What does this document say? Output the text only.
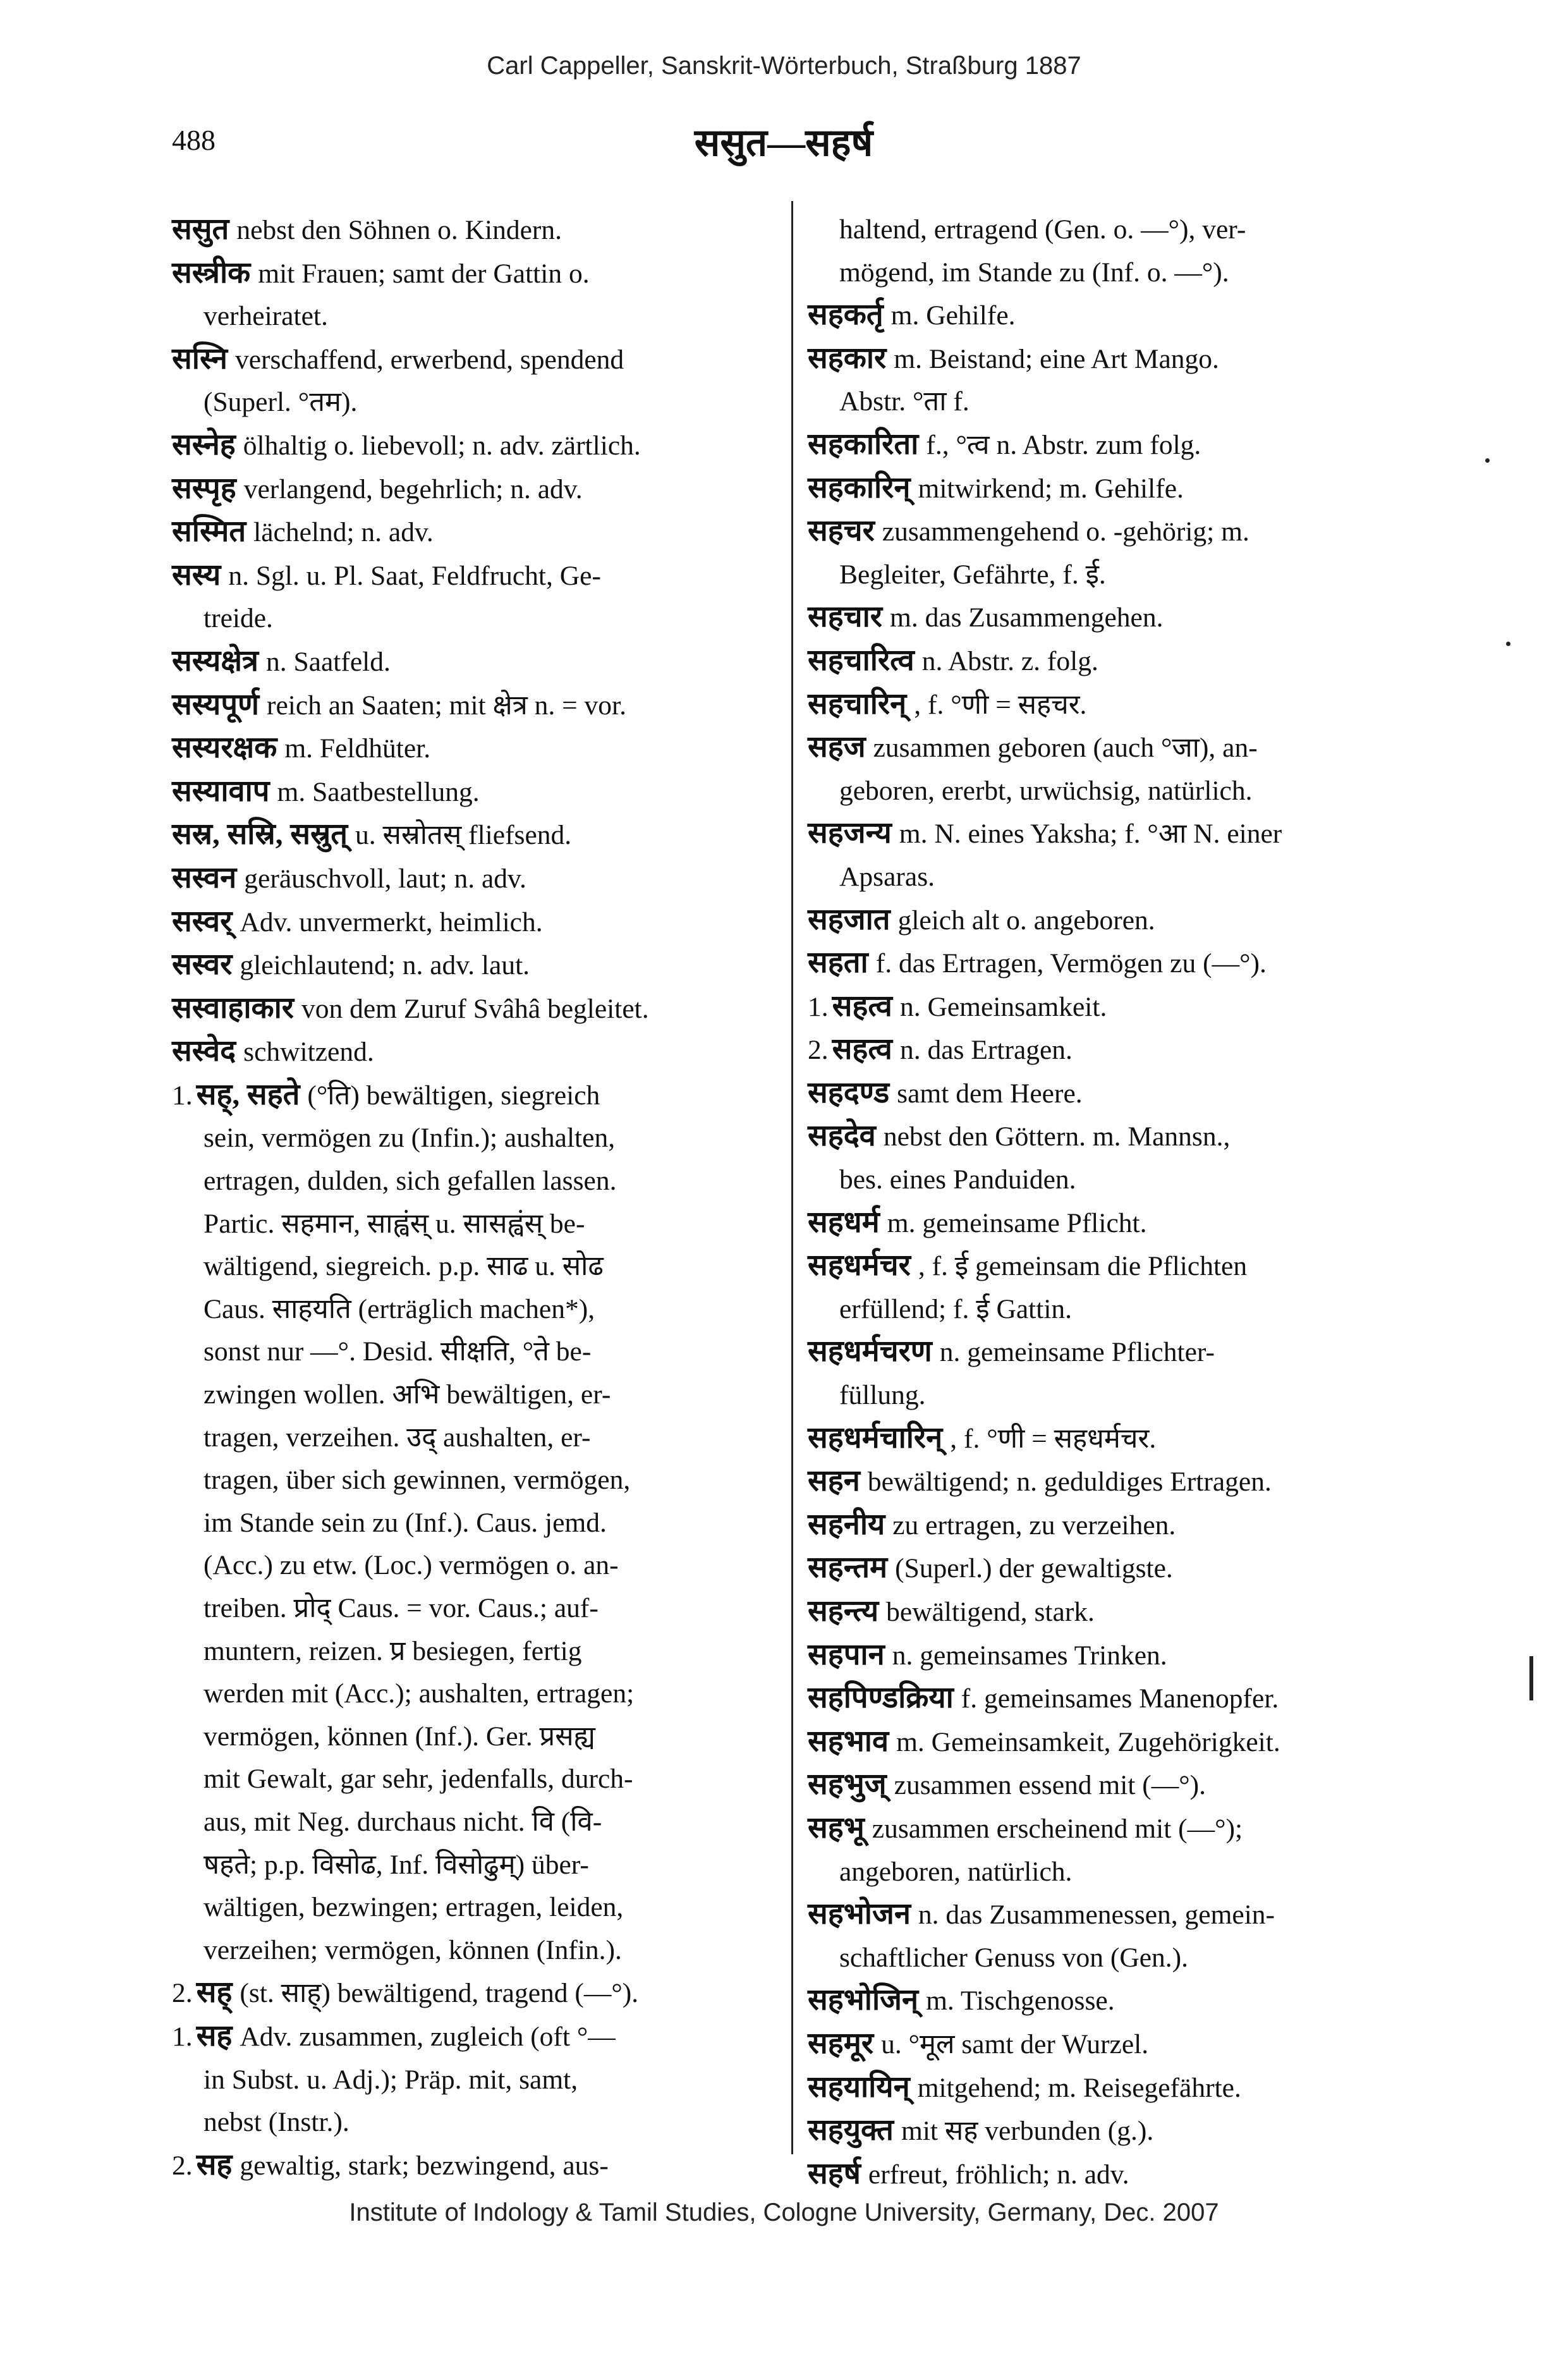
Carl Cappeller, Sanskrit-Wörterbuch, Straßburg 1887
488	ससुत—सहर्ष
ससुत nebst den Söhnen o. Kindern.
सस्त्रीक mit Frauen; samt der Gattin o.
verheiratet.
सस्नि verschaffend, erwerbend, spendend
(Superl. °तम).
सस्नेह ölhaltig o. liebevoll; n. adv. zärtlich.
सस्पृह verlangend, begehrlich; n. adv.
सस्मित lächelnd; n. adv.
सस्य n. Sgl. u. Pl. Saat, Feldfrucht, Ge-
treide.
सस्यक्षेत्र n. Saatfeld.
सस्यपूर्ण reich an Saaten; mit क्षेत्र n. = vor.
सस्यरक्षक m. Feldhüter.
सस्यावाप m. Saatbestellung.
सस्र, सस्रि, सस्रुत् u. सस्रोतस् fliefsend.
सस्वन geräuschvoll, laut; n. adv.
सस्वर् Adv. unvermerkt, heimlich.
सस्वर gleichlautend; n. adv. laut.
सस्वाहाकार von dem Zuruf Svâhâ begleitet.
सस्वेद schwitzend.
1. सह्, सहते (°ति) bewältigen, siegreich
sein, vermögen zu (Infin.); aushalten,
ertragen, dulden, sich gefallen lassen.
Partic. सहमान, साह्वंस् u. सासह्वंस् be-
wältigend, siegreich. p.p. साढ u. सोढ
Caus. साहयति (erträglich machen*),
sonst nur —°. Desid. सीक्षति, °ते be-
zwingen wollen. अभि bewältigen, er-
tragen, verzeihen. उद् aushalten, er-
tragen, über sich gewinnen, vermögen,
im Stande sein zu (Inf.). Caus. jemd.
(Acc.) zu etw. (Loc.) vermögen o. an-
treiben. प्रोद् Caus. = vor. Caus.; auf-
muntern, reizen. प्र besiegen, fertig
werden mit (Acc.); aushalten, ertragen;
vermögen, können (Inf.). Ger. प्रसह्य
mit Gewalt, gar sehr, jedenfalls, durch-
aus, mit Neg. durchaus nicht. वि (वि-
षहते; p.p. विसोढ, Inf. विसोढुम्) über-
wältigen, bezwingen; ertragen, leiden,
verzeihen; vermögen, können (Infin.).
2. सह् (st. साह्) bewältigend, tragend (—°).
1. सह Adv. zusammen, zugleich (oft °—
in Subst. u. Adj.); Präp. mit, samt,
nebst (Instr.).
2. सह gewaltig, stark; bezwingend, aus-
haltend, ertragend (Gen. o. —°), ver-
mögend, im Stande zu (Inf. o. —°).
सहकर्तृ m. Gehilfe.
सहकार m. Beistand; eine Art Mango.
Abstr. °ता f.
सहकारिता f., °त्व n. Abstr. zum folg.
सहकारिन् mitwirkend; m. Gehilfe.
सहचर zusammengehend o. -gehörig; m.
Begleiter, Gefährte, f. ई.
सहचार m. das Zusammengehen.
सहचारित्व n. Abstr. z. folg.
सहचारिन् , f. °णी = सहचर.
सहज zusammen geboren (auch °जा), an-
geboren, ererbt, urwüchsig, natürlich.
सहजन्य m. N. eines Yaksha; f. °आ N. einer
Apsaras.
सहजात gleich alt o. angeboren.
सहता f. das Ertragen, Vermögen zu (—°).
1. सहत्व n. Gemeinsamkeit.
2. सहत्व n. das Ertragen.
सहदण्ड samt dem Heere.
सहदेव nebst den Göttern. m. Mannsn.,
bes. eines Panduiden.
सहधर्म m. gemeinsame Pflicht.
सहधर्मचर , f. ई gemeinsam die Pflichten
erfüllend; f. ई Gattin.
सहधर्मचरण n. gemeinsame Pflichter-
füllung.
सहधर्मचारिन् , f. °णी = सहधर्मचर.
सहन bewältigend; n. geduldiges Ertragen.
सहनीय zu ertragen, zu verzeihen.
सहन्तम (Superl.) der gewaltigste.
सहन्त्य bewältigend, stark.
सहपान n. gemeinsames Trinken.
सहपिण्डक्रिया f. gemeinsames Manenopfer.
सहभाव m. Gemeinsamkeit, Zugehörigkeit.
सहभुज् zusammen essend mit (—°).
सहभू zusammen erscheinend mit (—°);
angeboren, natürlich.
सहभोजन n. das Zusammenessen, gemein-
schaftlicher Genuss von (Gen.).
सहभोजिन् m. Tischgenosse.
सहमूर u. °मूल samt der Wurzel.
सहयायिन् mitgehend; m. Reisegefährte.
सहयुक्त mit सह verbunden (g.).
सहर्ष erfreut, fröhlich; n. adv.
Institute of Indology & Tamil Studies, Cologne University, Germany, Dec. 2007
